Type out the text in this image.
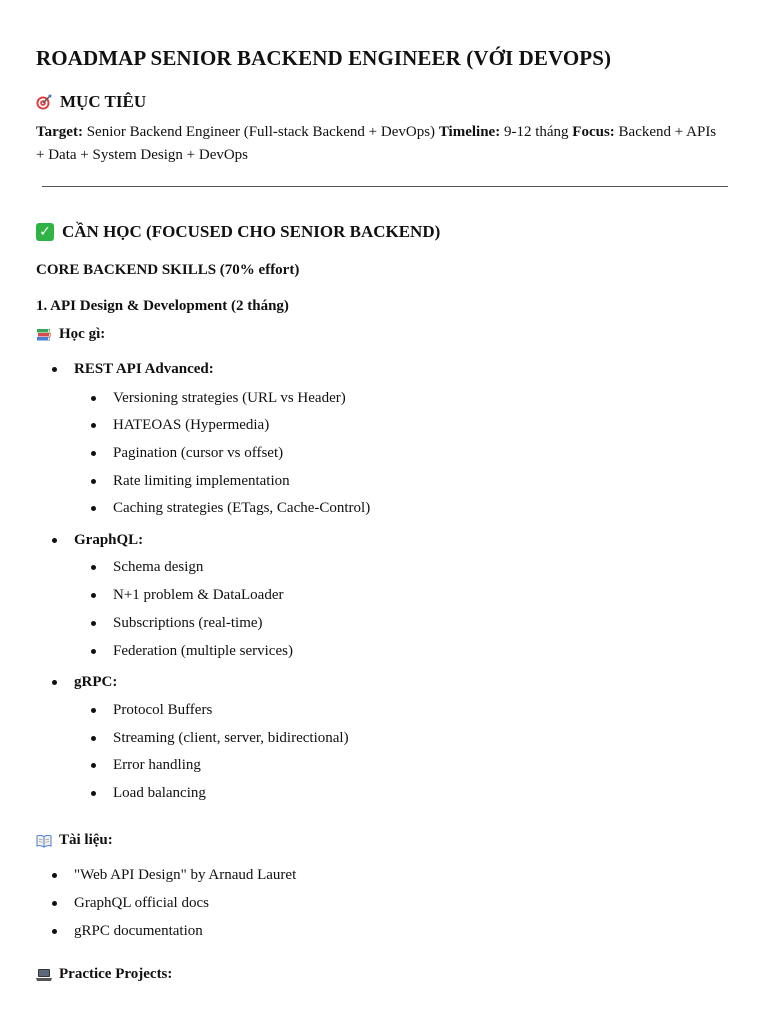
ROADMAP SENIOR BACKEND ENGINEER (VỚI DEVOPS)
MỤC TIÊU

Target: Senior Backend Engineer (Full-stack Backend + DevOps) Timeline: 9-12 tháng Focus: Backend + APIs + Data + System Design + DevOps

✓ CẦN HỌC (FOCUSED CHO SENIOR BACKEND)
CORE BACKEND SKILLS (70% effort)
1. API Design & Development (2 tháng)
Học gì:
REST API Advanced:
Versioning strategies (URL vs Header)
HATEOAS (Hypermedia)
Pagination (cursor vs offset)
Rate limiting implementation
Caching strategies (ETags, Cache-Control)
GraphQL:
Schema design
N+1 problem & DataLoader
Subscriptions (real-time)
Federation (multiple services)
gRPC:
Protocol Buffers
Streaming (client, server, bidirectional)
Error handling
Load balancing
Tài liệu:
"Web API Design" by Arnaud Lauret
GraphQL official docs
gRPC documentation
Practice Projects:
